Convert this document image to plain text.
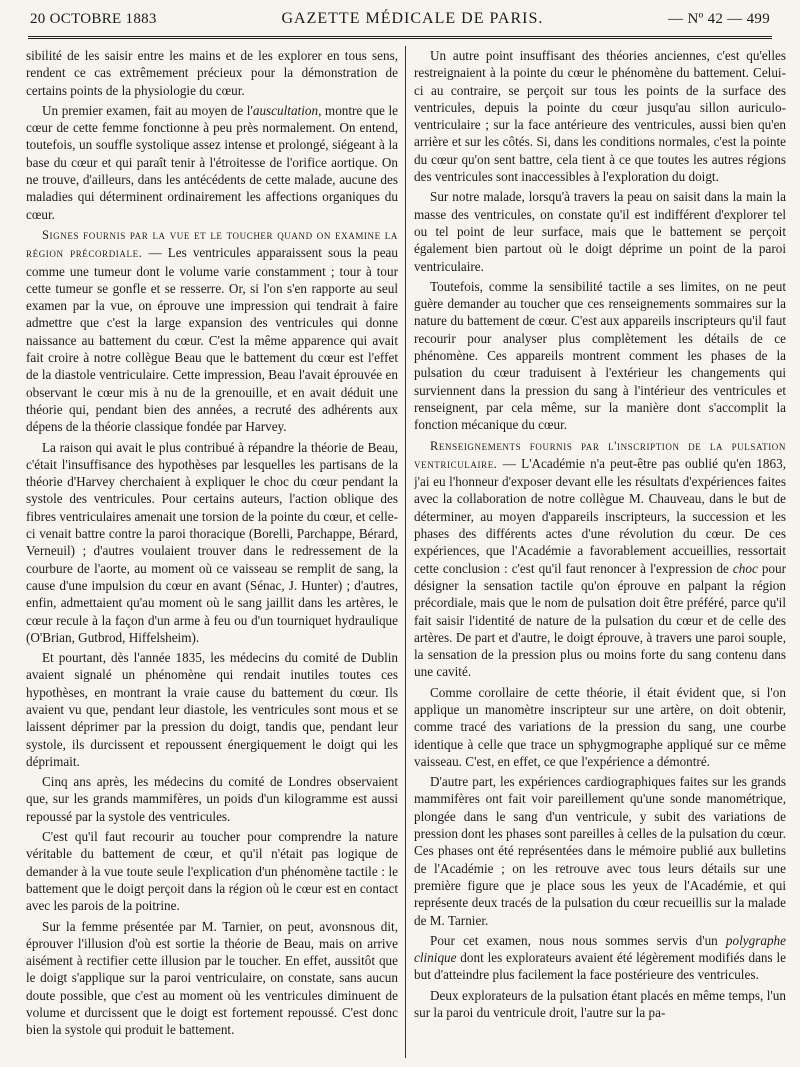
20 OCTOBRE 1883	GAZETTE MÉDICALE DE PARIS.	— Nº 42 — 499

sibilité de les saisir entre les mains et de les explorer en tous sens, rendent ce cas extrêmement précieux pour la démonstration de certains points de la physiologie du cœur.

Un premier examen, fait au moyen de l'auscultation, montre que le cœur de cette femme fonctionne à peu près normalement. On entend, toutefois, un souffle systolique assez intense et prolongé, siégeant à la base du cœur et qui paraît tenir à l'étroitesse de l'orifice aortique. On ne trouve, d'ailleurs, dans les antécédents de cette malade, aucune des maladies qui déterminent ordinairement les affections organiques du cœur.

Signes fournis par la vue et le toucher quand on examine la région précordiale. — Les ventricules apparaissent sous la peau comme une tumeur dont le volume varie constamment ; tour à tour cette tumeur se gonfle et se resserre. Or, si l'on s'en rapporte au seul examen par la vue, on éprouve une impression qui tendrait à faire admettre que c'est la large expansion des ventricules qui donne naissance au battement du cœur. C'est la même apparence qui avait fait croire à notre collègue Beau que le battement du cœur est l'effet de la diastole ventriculaire. Cette impression, Beau l'avait éprouvée en observant le cœur mis à nu de la grenouille, et en avait déduit une théorie qui, pendant bien des années, a recruté des adhérents aux dépens de la théorie classique fondée par Harvey.

La raison qui avait le plus contribué à répandre la théorie de Beau, c'était l'insuffisance des hypothèses par lesquelles les partisans de la théorie d'Harvey cherchaient à expliquer le choc du cœur pendant la systole des ventricules. Pour certains auteurs, l'action oblique des fibres ventriculaires amenait une torsion de la pointe du cœur, et celle-ci venait battre contre la paroi thoracique (Borelli, Parchappe, Bérard, Verneuil) ; d'autres voulaient trouver dans le redressement de la courbure de l'aorte, au moment où ce vaisseau se remplit de sang, la cause d'une impulsion du cœur en avant (Sénac, J. Hunter) ; d'autres, enfin, admettaient qu'au moment où le sang jaillit dans les artères, le cœur recule à la façon d'un arme à feu ou d'un tourniquet hydraulique (O'Brian, Gutbrod, Hiffelsheim).

Et pourtant, dès l'année 1835, les médecins du comité de Dublin avaient signalé un phénomène qui rendait inutiles toutes ces hypothèses, en montrant la vraie cause du battement du cœur. Ils avaient vu que, pendant leur diastole, les ventricules sont mous et se laissent déprimer par la pression du doigt, tandis que, pendant leur systole, ils durcissent et repoussent énergiquement le doigt qui les déprimait.

Cinq ans après, les médecins du comité de Londres observaient que, sur les grands mammifères, un poids d'un kilogramme est aussi repoussé par la systole des ventricules.

C'est qu'il faut recourir au toucher pour comprendre la nature véritable du battement de cœur, et qu'il n'était pas logique de demander à la vue toute seule l'explication d'un phénomène tactile : le battement que le doigt perçoit dans la région où le cœur est en contact avec les parois de la poitrine.

Sur la femme présentée par M. Tarnier, on peut, avonsnous dit, éprouver l'illusion d'où est sortie la théorie de Beau, mais on arrive aisément à rectifier cette illusion par le toucher. En effet, aussitôt que le doigt s'applique sur la paroi ventriculaire, on constate, sans aucun doute possible, que c'est au moment où les ventricules diminuent de volume et durcissent que le doigt est fortement repoussé. C'est donc bien la systole qui produit le battement.

Un autre point insuffisant des théories anciennes, c'est qu'elles restreignaient à la pointe du cœur le phénomène du battement. Celui-ci au contraire, se perçoit sur tous les points de la surface des ventricules, depuis la pointe du cœur jusqu'au sillon auriculo-ventriculaire ; sur la face antérieure des ventricules, aussi bien qu'en arrière et sur les côtés. Si, dans les conditions normales, c'est la pointe du cœur qu'on sent battre, cela tient à ce que toutes les autres régions des ventricules sont inaccessibles à l'exploration du doigt.

Sur notre malade, lorsqu'à travers la peau on saisit dans la main la masse des ventricules, on constate qu'il est indifférent d'explorer tel ou tel point de leur surface, mais que le battement se perçoit également bien partout où le doigt déprime un point de la paroi ventriculaire.

Toutefois, comme la sensibilité tactile a ses limites, on ne peut guère demander au toucher que ces renseignements sommaires sur la nature du battement de cœur. C'est aux appareils inscripteurs qu'il faut recourir pour analyser plus complètement les détails de ce phénomène. Ces appareils montrent comment les phases de la pulsation du cœur traduisent à l'extérieur les changements qui surviennent dans la pression du sang à l'intérieur des ventricules et renseignent, par cela même, sur la manière dont s'accomplit la fonction mécanique du cœur.

Renseignements fournis par l'inscription de la pulsation ventriculaire. — L'Académie n'a peut-être pas oublié qu'en 1863, j'ai eu l'honneur d'exposer devant elle les résultats d'expériences faites avec la collaboration de notre collègue M. Chauveau, dans le but de déterminer, au moyen d'appareils inscripteurs, la succession et les phases des différents actes d'une révolution du cœur. De ces expériences, que l'Académie a favorablement accueillies, ressortait cette conclusion : c'est qu'il faut renoncer à l'expression de choc pour désigner la sensation tactile qu'on éprouve en palpant la région précordiale, mais que le nom de pulsation doit être préféré, parce qu'il fait saisir l'identité de nature de la pulsation du cœur et de celle des artères. De part et d'autre, le doigt éprouve, à travers une paroi souple, la sensation de la pression plus ou moins forte du sang contenu dans une cavité.

Comme corollaire de cette théorie, il était évident que, si l'on applique un manomètre inscripteur sur une artère, on doit obtenir, comme tracé des variations de la pression du sang, une courbe identique à celle que trace un sphygmographe appliqué sur ce même vaisseau. C'est, en effet, ce que l'expérience a démontré.

D'autre part, les expériences cardiographiques faites sur les grands mammifères ont fait voir pareillement qu'une sonde manométrique, plongée dans le sang d'un ventricule, y subit des variations de pression dont les phases sont pareilles à celles de la pulsation du cœur. Ces phases ont été représentées dans le mémoire publié aux bulletins de l'Académie ; on les retrouve avec tous leurs détails sur une première figure que je place sous les yeux de l'Académie, et qui représente deux tracés de la pulsation du cœur recueillis sur la malade de M. Tarnier.

Pour cet examen, nous nous sommes servis d'un polygraphe clinique dont les explorateurs avaient été légèrement modifiés dans le but d'atteindre plus facilement la face postérieure des ventricules.

Deux explorateurs de la pulsation étant placés en même temps, l'un sur la paroi du ventricule droit, l'autre sur la pa-
